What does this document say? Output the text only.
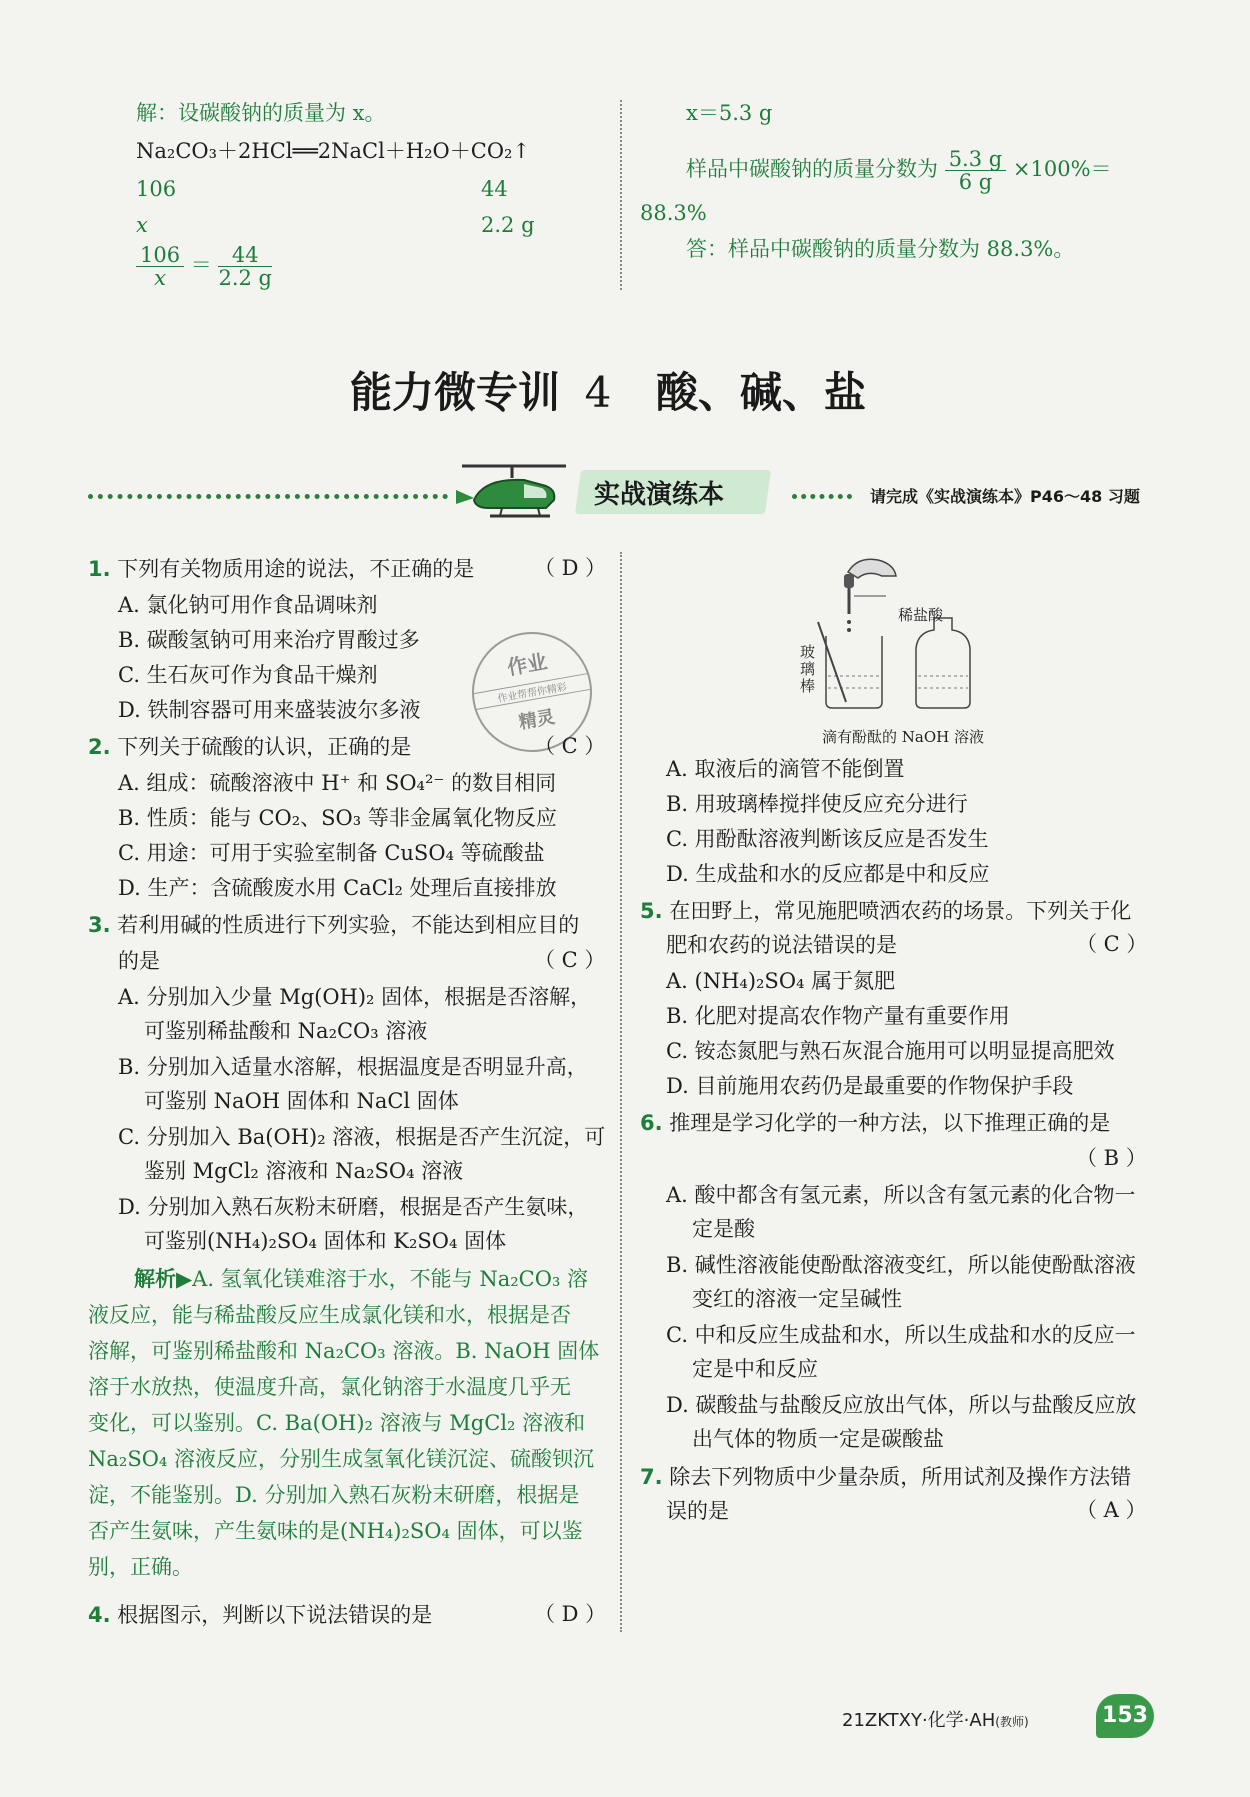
解：设碳酸钠的质量为 x。
Na₂CO₃＋2HCl══2NaCl＋H₂O＋CO₂↑
106	44
x	2.2 g
$\frac{106}{x} = \frac{44}{2.2 g}$
x＝5.3 g
样品中碳酸钠的质量分数为 $\frac{5.3 g}{6 g} \times 100\%=$
88.3%
答：样品中碳酸钠的质量分数为 88.3%。
能力微专训 4 酸、碱、盐
实战演练本	请完成《实战演练本》P46～48 习题
1. 下列有关物质用途的说法，不正确的是	（ D ）
A. 氯化钠可用作食品调味剂
B. 碳酸氢钠可用来治疗胃酸过多
C. 生石灰可作为食品干燥剂
D. 铁制容器可用来盛装波尔多液
作业
作业帮帮你精彩
精灵
2. 下列关于硫酸的认识，正确的是	（ C ）
A. 组成：硫酸溶液中 H⁺ 和 SO₄²⁻ 的数目相同
B. 性质：能与 CO₂、SO₃ 等非金属氧化物反应
C. 用途：可用于实验室制备 CuSO₄ 等硫酸盐
D. 生产：含硫酸废水用 CaCl₂ 处理后直接排放
3. 若利用碱的性质进行下列实验，不能达到相应目的
的是	（ C ）
A. 分别加入少量 Mg(OH)₂ 固体，根据是否溶解，
可鉴别稀盐酸和 Na₂CO₃ 溶液
B. 分别加入适量水溶解，根据温度是否明显升高，
可鉴别 NaOH 固体和 NaCl 固体
C. 分别加入 Ba(OH)₂ 溶液，根据是否产生沉淀，可
鉴别 MgCl₂ 溶液和 Na₂SO₄ 溶液
D. 分别加入熟石灰粉末研磨，根据是否产生氨味，
可鉴别(NH₄)₂SO₄ 固体和 K₂SO₄ 固体
解析▶A. 氢氧化镁难溶于水，不能与 Na₂CO₃ 溶
液反应，能与稀盐酸反应生成氯化镁和水，根据是否
溶解，可鉴别稀盐酸和 Na₂CO₃ 溶液。B. NaOH 固体
溶于水放热，使温度升高，氯化钠溶于水温度几乎无
变化，可以鉴别。C. Ba(OH)₂ 溶液与 MgCl₂ 溶液和
Na₂SO₄ 溶液反应，分别生成氢氧化镁沉淀、硫酸钡沉
淀，不能鉴别。D. 分别加入熟石灰粉末研磨，根据是
否产生氨味，产生氨味的是(NH₄)₂SO₄ 固体，可以鉴
别，正确。
4. 根据图示，判断以下说法错误的是	（ D ）
稀盐酸
玻璃棒
滴有酚酞的 NaOH 溶液
A. 取液后的滴管不能倒置
B. 用玻璃棒搅拌使反应充分进行
C. 用酚酞溶液判断该反应是否发生
D. 生成盐和水的反应都是中和反应
5. 在田野上，常见施肥喷洒农药的场景。下列关于化
肥和农药的说法错误的是	（ C ）
A. (NH₄)₂SO₄ 属于氮肥
B. 化肥对提高农作物产量有重要作用
C. 铵态氮肥与熟石灰混合施用可以明显提高肥效
D. 目前施用农药仍是最重要的作物保护手段
6. 推理是学习化学的一种方法，以下推理正确的是
（ B ）
A. 酸中都含有氢元素，所以含有氢元素的化合物一
定是酸
B. 碱性溶液能使酚酞溶液变红，所以能使酚酞溶液
变红的溶液一定呈碱性
C. 中和反应生成盐和水，所以生成盐和水的反应一
定是中和反应
D. 碳酸盐与盐酸反应放出气体，所以与盐酸反应放
出气体的物质一定是碳酸盐
7. 除去下列物质中少量杂质，所用试剂及操作方法错
误的是	（ A ）
21ZKTXY·化学·AH(教师)	153
